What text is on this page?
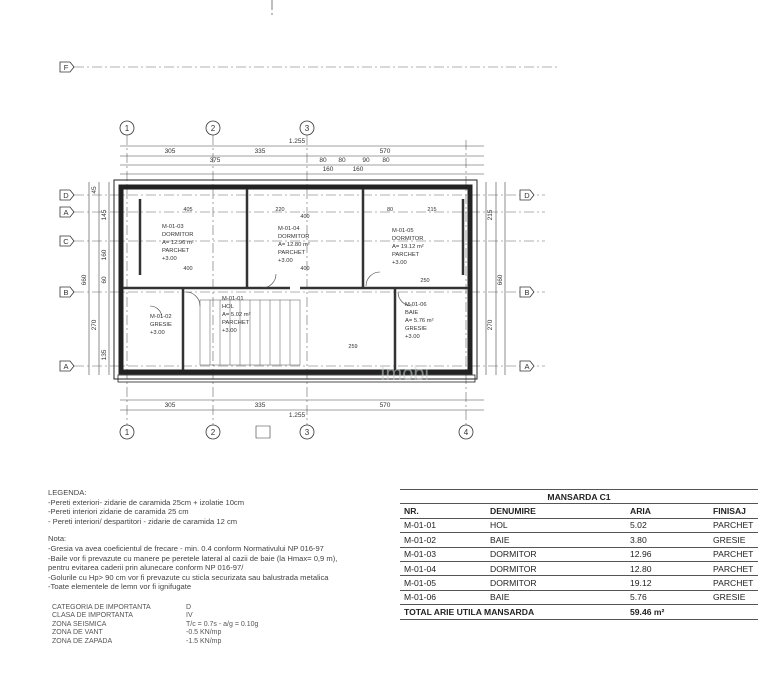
1	2	3
1	2	3	4
F
D
A
C
B
A
D
B
A
1.255
305	335	570
375	80 80	90 80
160	160
305	335	570
1.255
45
145
160
60
135
270
660	660
215
270
405	220
400
80	215
400	400
250
259
M-01-03
DORMITOR
A= 12.96 m²
PARCHET
+3.00
M-01-04
DORMITOR
A= 12.80 m²
PARCHET
+3.00
M-01-05
DORMITOR
A= 19.12 m²
PARCHET
+3.00
M-01-01
HOL
A= 5.02 m²
PARCHET
+3.00
M-01-02
GRESIE
+3.00
M-01-06
BAIE
A= 5.76 m²
GRESIE
+3.00
Imobi
LEGENDA:
-Pereti exteriori- zidarie de caramida 25cm + izolatie 10cm
-Pereti interiori zidarie de caramida 25 cm
- Pereti interiori/ despartitori - zidarie de caramida 12 cm
Nota:
-Gresia va avea coeficientul de frecare - min. 0.4 conform Normativului NP 016-97
-Baile vor fi prevazute cu manere pe peretele lateral al cazii de baie (la Hmax= 0,9 m),
pentru evitarea caderii prin alunecare conform NP 016-97/
-Golurile cu Hp> 90 cm vor fi prevazute cu sticla securizata sau balustrada metalica
-Toate elementele de lemn vor fi ignifugate
CATEGORIA DE IMPORTANTA	D
CLASA DE IMPORTANTA	IV
ZONA SEISMICA	T/c = 0.7s - a/g = 0.10g
ZONA DE VANT	-0.5 KN/mp
ZONA DE ZAPADA	-1.5 KN/mp
MANSARDA C1			
NR.	DENUMIRE	ARIA	FINISAJ
M-01-01	HOL	5.02	PARCHET
M-01-02	BAIE	3.80	GRESIE
M-01-03	DORMITOR	12.96	PARCHET
M-01-04	DORMITOR	12.80	PARCHET
M-01-05	DORMITOR	19.12	PARCHET
M-01-06	BAIE	5.76	GRESIE
TOTAL ARIE UTILA MANSARDA		59.46 m²	
